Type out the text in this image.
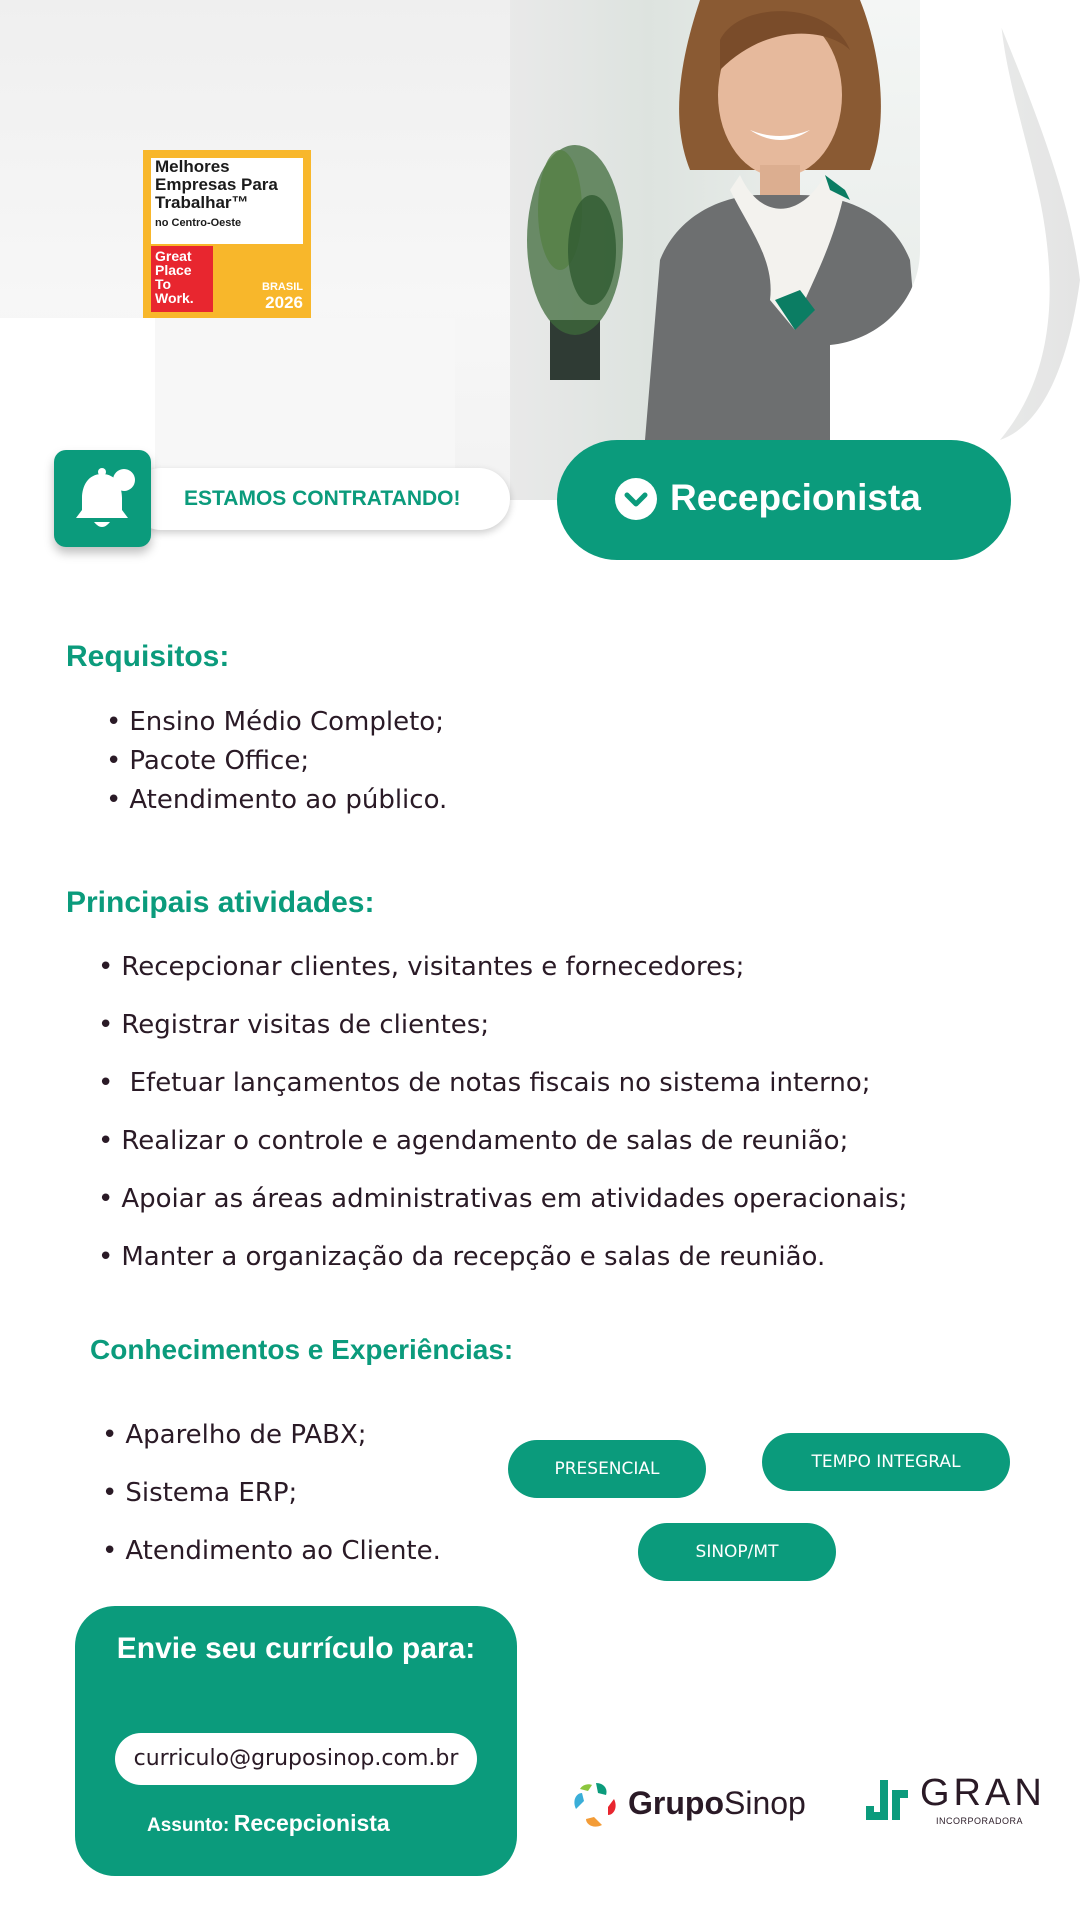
Melhores
Empresas Para
Trabalhar™
no Centro-Oeste
Great
Place
To
Work.
BRASIL
2026
ESTAMOS CONTRATANDO!	Recepcionista
Requisitos:
• Ensino Médio Completo;
• Pacote Office;
• Atendimento ao público.
Principais atividades:
• Recepcionar clientes, visitantes e fornecedores;
• Registrar visitas de clientes;
• Efetuar lançamentos de notas fiscais no sistema interno;
• Realizar o controle e agendamento de salas de reunião;
• Apoiar as áreas administrativas em atividades operacionais;
• Manter a organização da recepção e salas de reunião.
Conhecimentos e Experiências:
• Aparelho de PABX;
• Sistema ERP;
• Atendimento ao Cliente.
PRESENCIAL	TEMPO INTEGRAL
SINOP/MT
Envie seu currículo para:
curriculo@gruposinop.com.br
Assunto: Recepcionista
GrupoSinop	GRAN
INCORPORADORA
